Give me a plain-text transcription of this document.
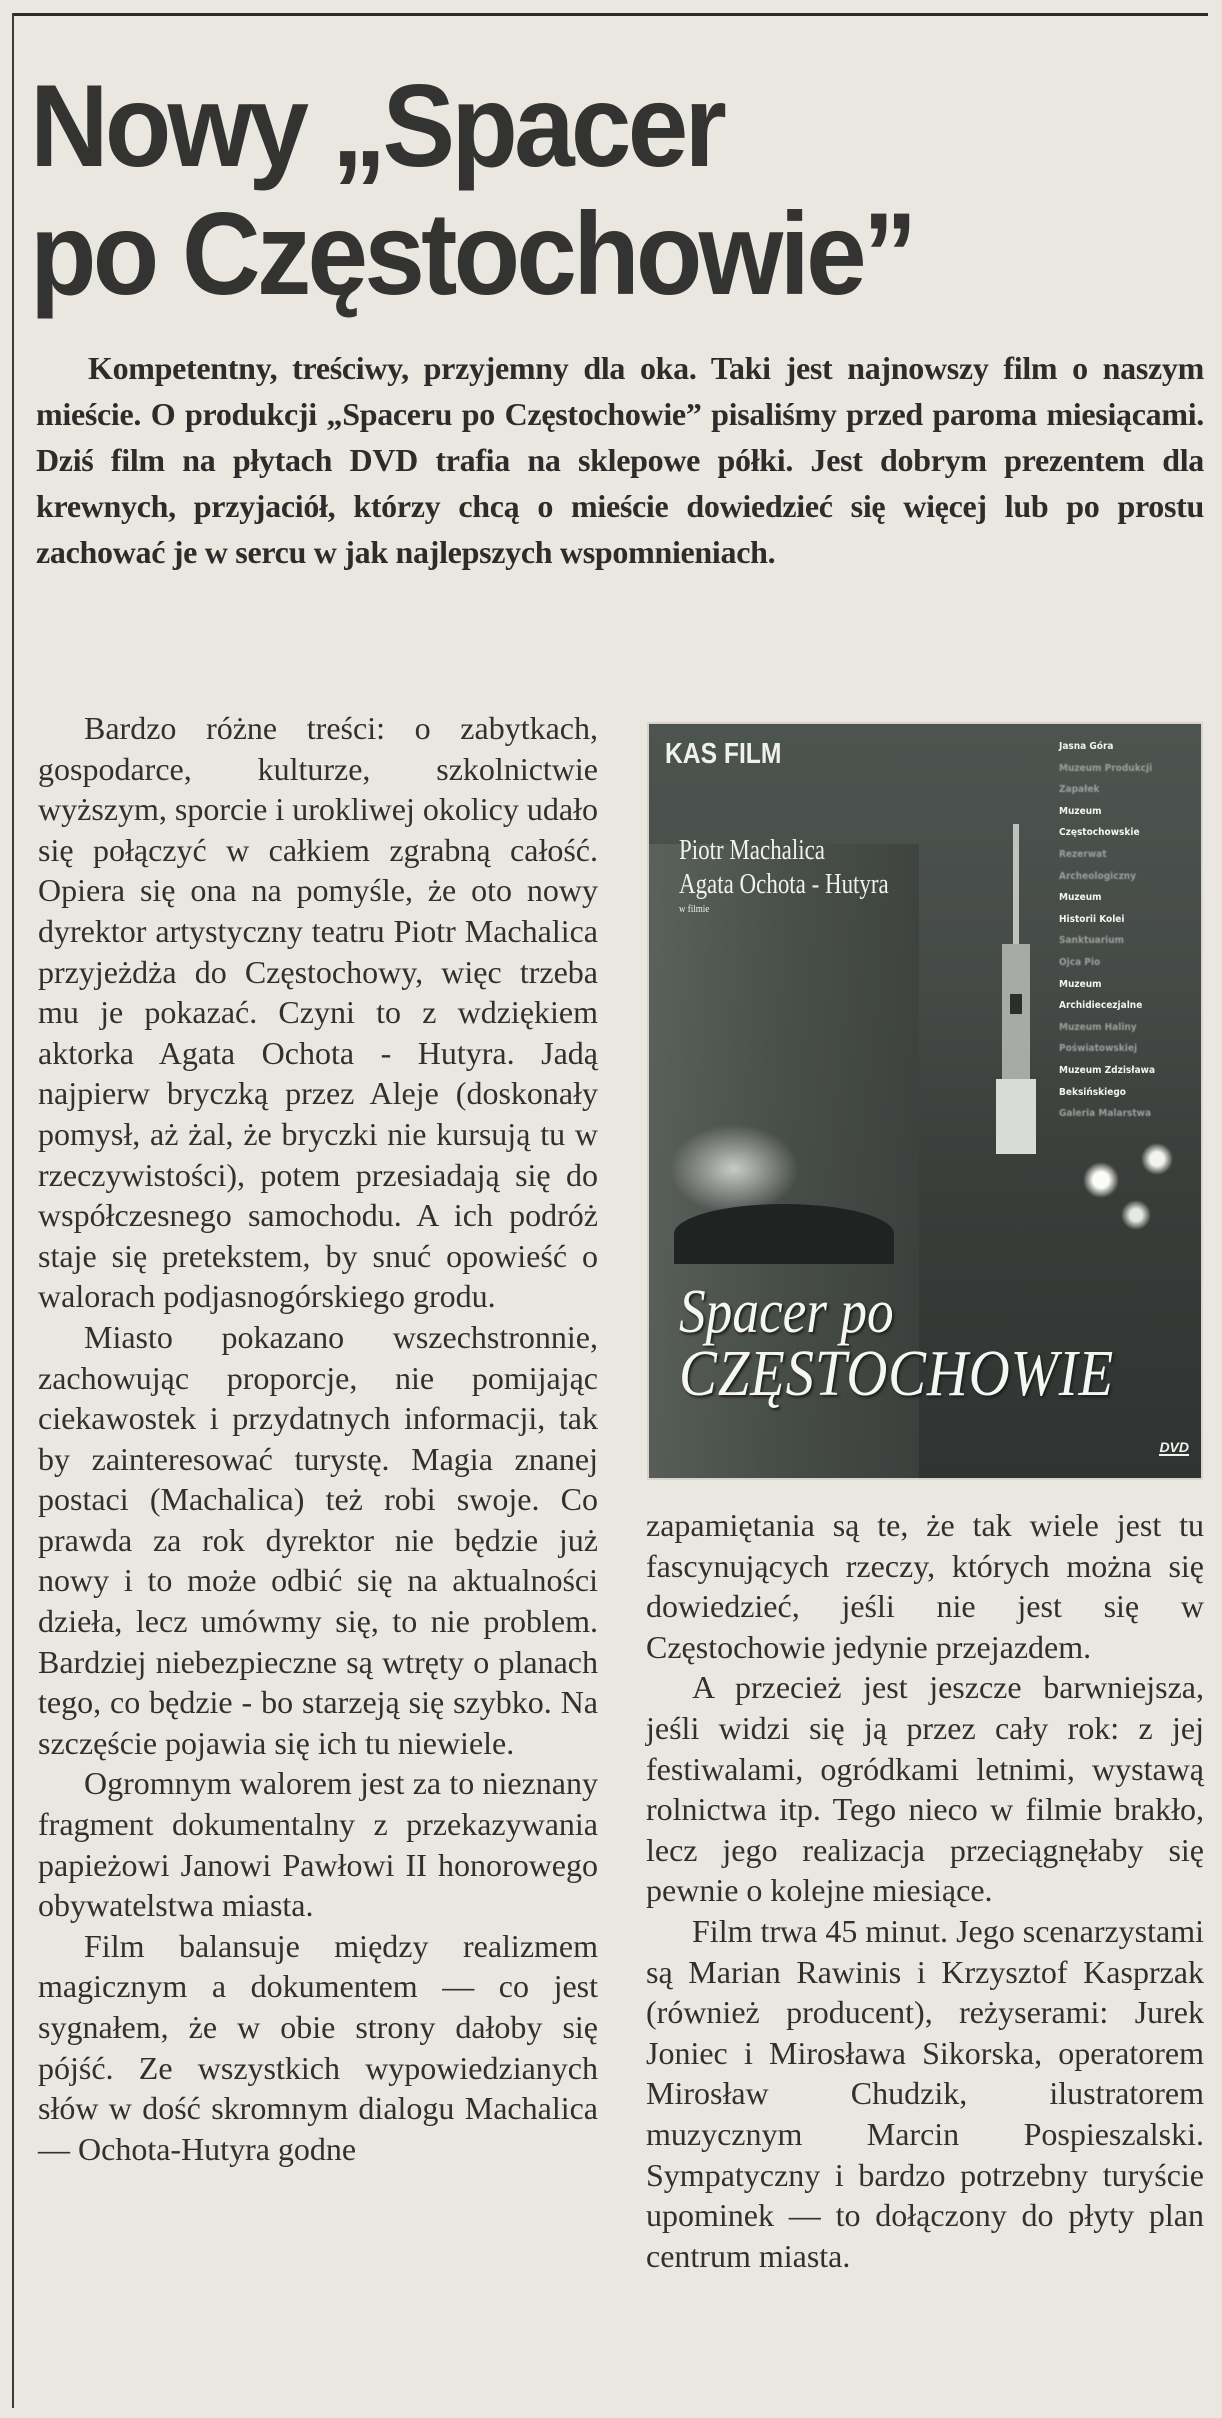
Nowy „Spacer
po Częstochowie”
Kompetentny, treściwy, przyjemny dla oka. Taki jest najnowszy film o naszym mieście. O produkcji „Spaceru po Częstochowie” pisaliśmy przed paroma miesiącami. Dziś film na płytach DVD trafia na sklepowe półki. Jest dobrym prezentem dla krewnych, przyjaciół, którzy chcą o mieście dowiedzieć się więcej lub po prostu zachować je w sercu w jak najlepszych wspomnieniach.

Bardzo różne treści: o zabytkach, gospodarce, kulturze, szkolnictwie wyższym, sporcie i urokliwej okolicy udało się połączyć w całkiem zgrabną całość. Opiera się ona na pomyśle, że oto nowy dyrektor artystyczny teatru Piotr Machalica przyjeżdża do Częstochowy, więc trzeba mu je pokazać. Czyni to z wdziękiem aktorka Agata Ochota - Hutyra. Jadą najpierw bryczką przez Aleje (doskonały pomysł, aż żal, że bryczki nie kursują tu w rzeczywistości), potem przesiadają się do współczesnego samochodu. A ich podróż staje się pretekstem, by snuć opowieść o walorach podjasnogórskiego grodu.

Miasto pokazano wszechstronnie, zachowując proporcje, nie pomijając ciekawostek i przydatnych informacji, tak by zainteresować turystę. Magia znanej postaci (Machalica) też robi swoje. Co prawda za rok dyrektor nie będzie już nowy i to może odbić się na aktualności dzieła, lecz umówmy się, to nie problem. Bardziej niebezpieczne są wtręty o planach tego, co będzie - bo starzeją się szybko. Na szczęście pojawia się ich tu niewiele.

Ogromnym walorem jest za to nieznany fragment dokumentalny z przekazywania papieżowi Janowi Pawłowi II honorowego obywatelstwa miasta.

Film balansuje między realizmem magicznym a dokumentem — co jest sygnałem, że w obie strony dałoby się pójść. Ze wszystkich wypowiedzianych słów w dość skromnym dialogu Machalica — Ochota-Hutyra godne

KAS FILM
Piotr Machalica
Agata Ochota - Hutyra
w filmie
Jasna Góra
Muzeum Produkcji
Zapałek
Muzeum
Częstochowskie
Rezerwat
Archeologiczny
Muzeum
Historii Kolei
Sanktuarium
Ojca Pio
Muzeum
Archidiecezjalne
Muzeum Haliny
Poświatowskiej
Muzeum Zdzisława
Beksińskiego
Galeria Malarstwa
Spacer po
CZĘSTOCHOWIE
DVD

zapamiętania są te, że tak wiele jest tu fascynujących rzeczy, których można się dowiedzieć, jeśli nie jest się w Częstochowie jedynie przejazdem.

A przecież jest jeszcze barwniejsza, jeśli widzi się ją przez cały rok: z jej festiwalami, ogródkami letnimi, wystawą rolnictwa itp. Tego nieco w filmie brakło, lecz jego realizacja przeciągnęłaby się pewnie o kolejne miesiące.

Film trwa 45 minut. Jego scenarzystami są Marian Rawinis i Krzysztof Kasprzak (również producent), reżyserami: Jurek Joniec i Mirosława Sikorska, operatorem Mirosław Chudzik, ilustratorem muzycznym Marcin Pospieszalski. Sympatyczny i bardzo potrzebny turyście upominek — to dołączony do płyty plan centrum miasta.
